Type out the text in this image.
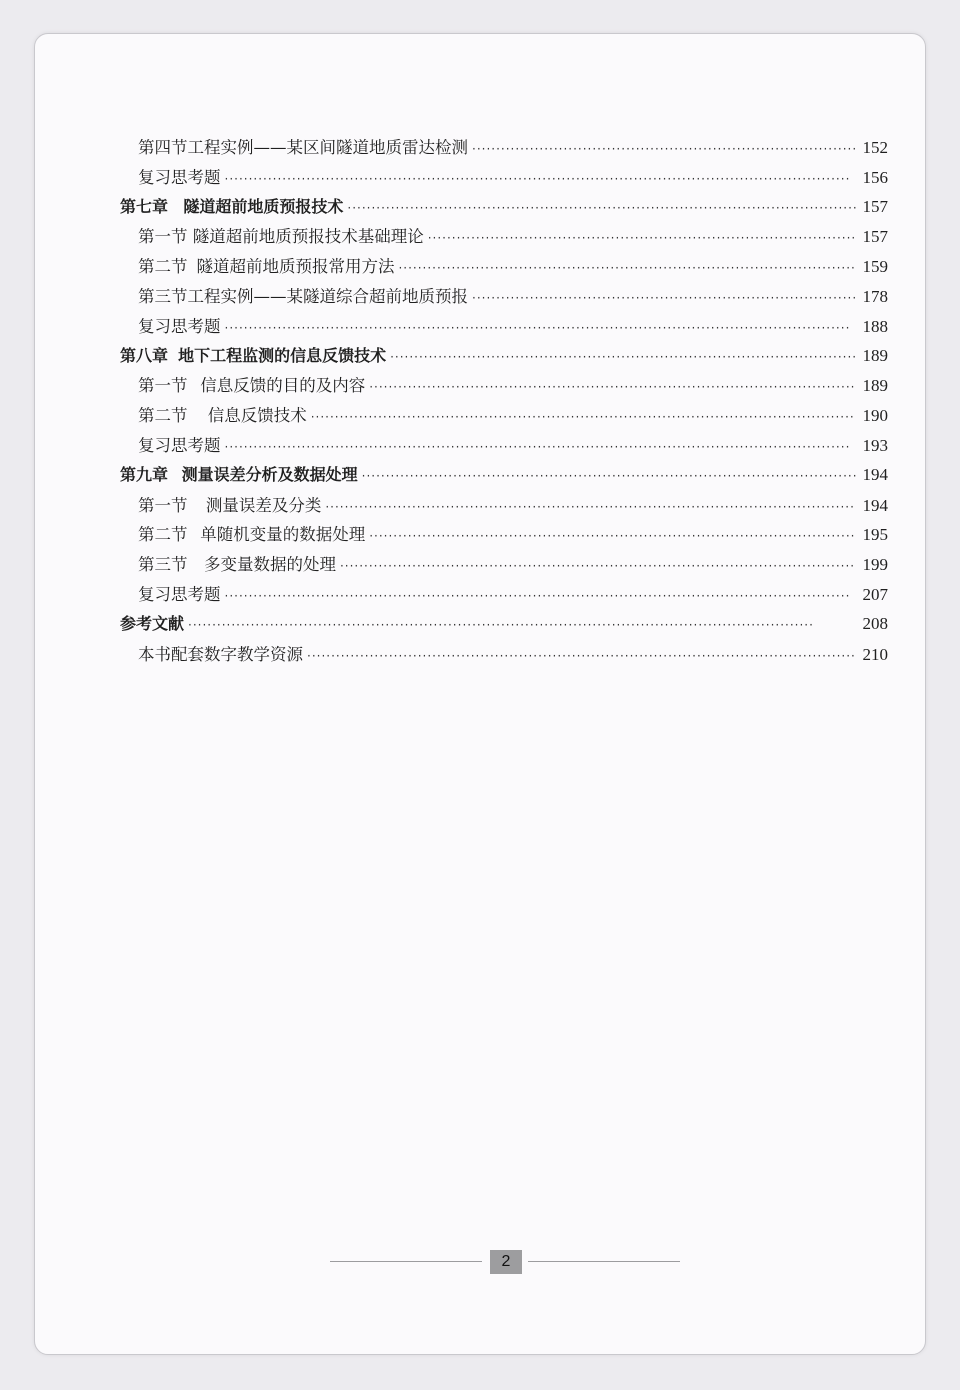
第四节 工程实例——某区间隧道地质雷达检测 ·····	152
复习思考题 ·····	156
第七章 隧道超前地质预报技术 ·····	157
第一节 隧道超前地质预报技术基础理论 ·····	157
第二节 隧道超前地质预报常用方法 ·····	159
第三节 工程实例——某隧道综合超前地质预报 ·····	178
复习思考题 ·····	188
第八章 地下工程监测的信息反馈技术 ·····	189
第一节 信息反馈的目的及内容 ·····	189
第二节	信息反馈技术 ·····	190
复习思考题 ·····	193
第九章 测量误差分析及数据处理 ·····	194
第一节	测量误差及分类 ·····	194
第二节 单随机变量的数据处理 ·····	195
第三节 多变量数据的处理 ·····	199
复习思考题 ·····	207
参考文献 ·····	208
本书配套数字教学资源 ·····	210
2
